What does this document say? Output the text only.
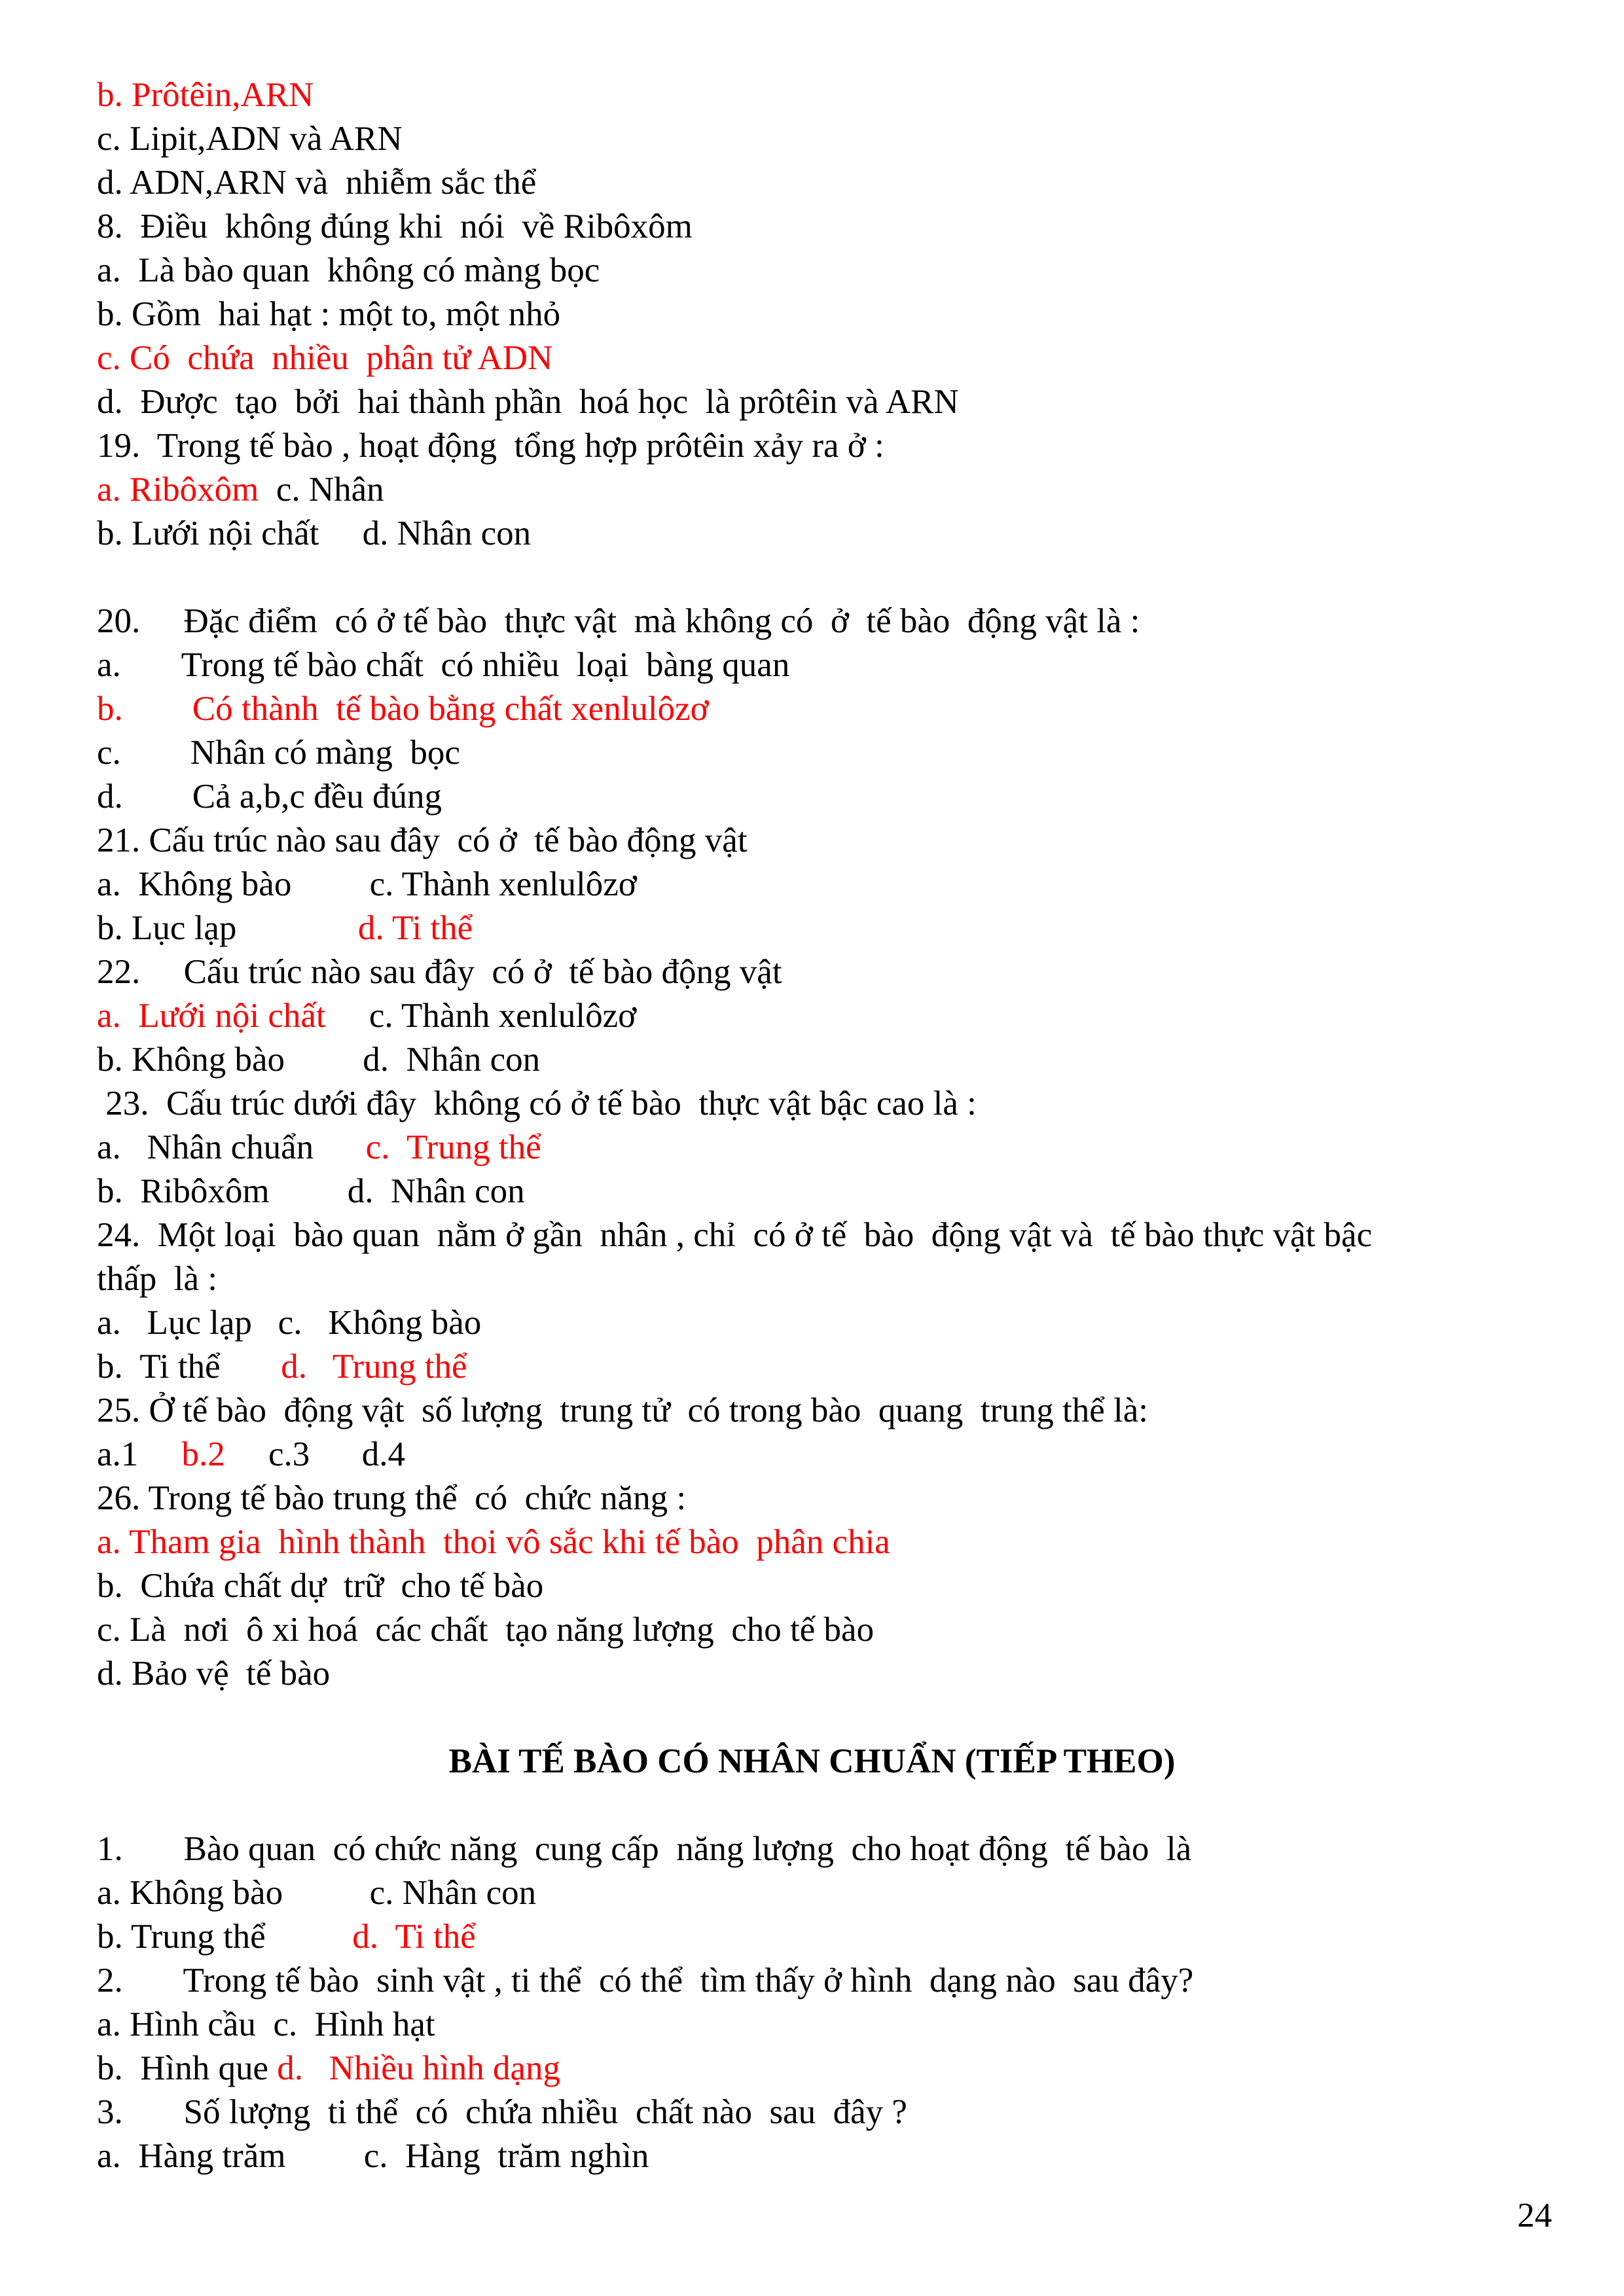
b. Prôtêin,ARN
c. Lipit,ADN và ARN
d. ADN,ARN và  nhiễm sắc thể
8.  Điều  không đúng khi  nói  về Ribôxôm
a.  Là bào quan  không có màng bọc
b. Gồm  hai hạt : một to, một nhỏ
c. Có  chứa  nhiều  phân tử ADN
d.  Được  tạo  bởi  hai thành phần  hoá học  là prôtêin và ARN
19.  Trong tế bào , hoạt động  tổng hợp prôtêin xảy ra ở :
a. Ribôxôm  c. Nhân
b. Lưới nội chất     d. Nhân con
20.     Đặc điểm  có ở tế bào  thực vật  mà không có  ở  tế bào  động vật là :
a.       Trong tế bào chất  có nhiều  loại  bàng quan
b.        Có thành  tế bào bằng chất xenlulôzơ
c.        Nhân có màng  bọc
d.        Cả a,b,c đều đúng
21. Cấu trúc nào sau đây  có ở  tế bào động vật
a.  Không bào         c. Thành xenlulôzơ
b. Lục lạp              d. Ti thể
22.     Cấu trúc nào sau đây  có ở  tế bào động vật
a.  Lưới nội chất     c. Thành xenlulôzơ
b. Không bào         d.  Nhân con
23.  Cấu trúc dưới đây  không có ở tế bào  thực vật bậc cao là :
a.   Nhân chuẩn      c.  Trung thể
b.  Ribôxôm         d.  Nhân con
24.  Một loại  bào quan  nằm ở gần  nhân , chỉ  có ở tế  bào  động vật và  tế bào thực vật bậc
thấp  là :
a.   Lục lạp   c.   Không bào
b.  Ti thể       d.   Trung thể
25. Ở tế bào  động vật  số lượng  trung tử  có trong bào  quang  trung thể là:
a.1     b.2     c.3      d.4
26. Trong tế bào trung thể  có  chức năng :
a. Tham gia  hình thành  thoi vô sắc khi tế bào  phân chia
b.  Chứa chất dự  trữ  cho tế bào
c. Là  nơi  ô xi hoá  các chất  tạo năng lượng  cho tế bào
d. Bảo vệ  tế bào
BÀI TẾ BÀO CÓ NHÂN CHUẨN (TIẾP THEO)
1.       Bào quan  có chức năng  cung cấp  năng lượng  cho hoạt động  tế bào  là
a. Không bào          c. Nhân con
b. Trung thể          d.  Ti thể
2.       Trong tế bào  sinh vật , ti thể  có thể  tìm thấy ở hình  dạng nào  sau đây?
a. Hình cầu  c.  Hình hạt
b.  Hình que d.   Nhiều hình dạng
3.       Số lượng  ti thể  có  chứa nhiều  chất nào  sau  đây ?
a.  Hàng trăm         c.  Hàng  trăm nghìn
24
